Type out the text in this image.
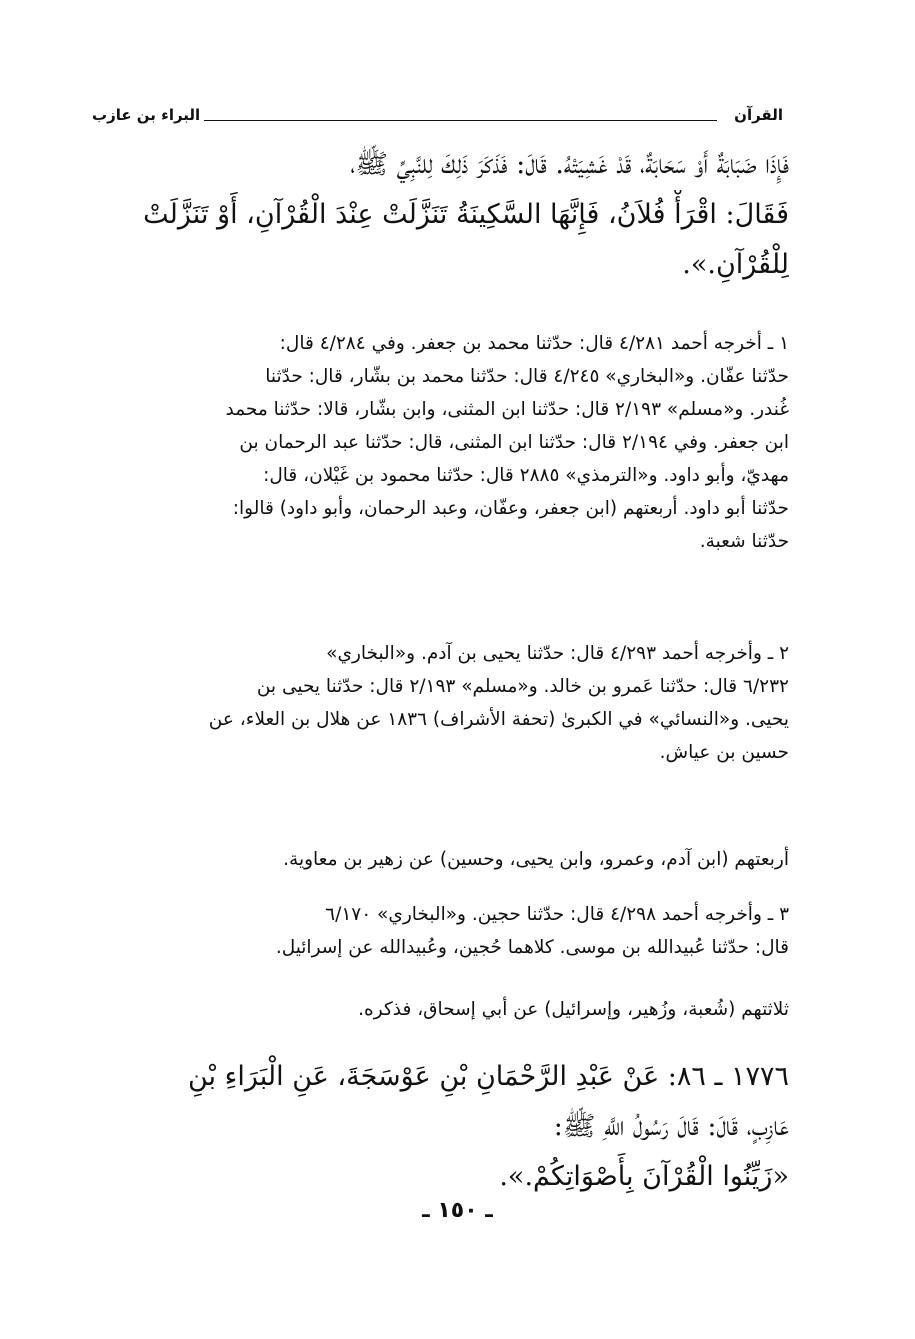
القرآن
البراء بن عازب
فَإِذَا ضَبَابَةٌ أَوْ سَحَابَةٌ، قَدْ غَشِيَتْهُ. قَالَ: فَذَكَرَ ذَلِكَ لِلنَّبِيِّ ﷺ،
فَقَالَ: اقْرَأْ فُلاَنُ، فَإِنَّهَا السَّكِينَةُ تَنَزَّلَتْ عِنْدَ الْقُرْآنِ، أَوْ تَنَزَّلَتْ
لِلْقُرْآنِ.».
١ ـ أخرجه أحمد ٤/٢٨١ قال: حدّثنا محمد بن جعفر. وفي ٤/٢٨٤ قال:
حدّثنا عفّان. و«البخاري» ٤/٢٤٥ قال: حدّثنا محمد بن بشّار، قال: حدّثنا
غُندر. و«مسلم» ٢/١٩٣ قال: حدّثنا ابن المثنى، وابن بشّار، قالا: حدّثنا محمد
ابن جعفر. وفي ٢/١٩٤ قال: حدّثنا ابن المثنى، قال: حدّثنا عبد الرحمان بن
مهديّ، وأبو داود. و«الترمذي» ٢٨٨٥ قال: حدّثنا محمود بن غَيْلان، قال:
حدّثنا أبو داود. أربعتهم (ابن جعفر، وعفّان، وعبد الرحمان، وأبو داود) قالوا:
حدّثنا شعبة.
٢ ـ وأخرجه أحمد ٤/٢٩٣ قال: حدّثنا يحيى بن آدم. و«البخاري»
٦/٢٣٢ قال: حدّثنا عَمرو بن خالد. و«مسلم» ٢/١٩٣ قال: حدّثنا يحيى بن
يحيى. و«النسائي» في الكبرىٰ (تحفة الأشراف) ١٨٣٦ عن هلال بن العلاء، عن
حسين بن عياش.
أربعتهم (ابن آدم، وعمرو، وابن يحيى، وحسين) عن زهير بن معاوية.
٣ ـ وأخرجه أحمد ٤/٢٩٨ قال: حدّثنا حجين. و«البخاري» ٦/١٧٠
قال: حدّثنا عُبيدالله بن موسى. كلاهما حُجين، وعُبيدالله عن إسرائيل.
ثلاثتهم (شُعبة، وزُهير، وإسرائيل) عن أبي إسحاق، فذكره.
١٧٧٦ ـ ٨٦: عَنْ عَبْدِ الرَّحْمَانِ بْنِ عَوْسَجَةَ، عَنِ الْبَرَاءِ بْنِ
عَازِبٍ، قَالَ: قَالَ رَسُولُ اللَّهِ ﷺ:
«زَيِّنُوا الْقُرْآنَ بِأَصْوَاتِكُمْ.».
ـ ١٥٠ ـ
